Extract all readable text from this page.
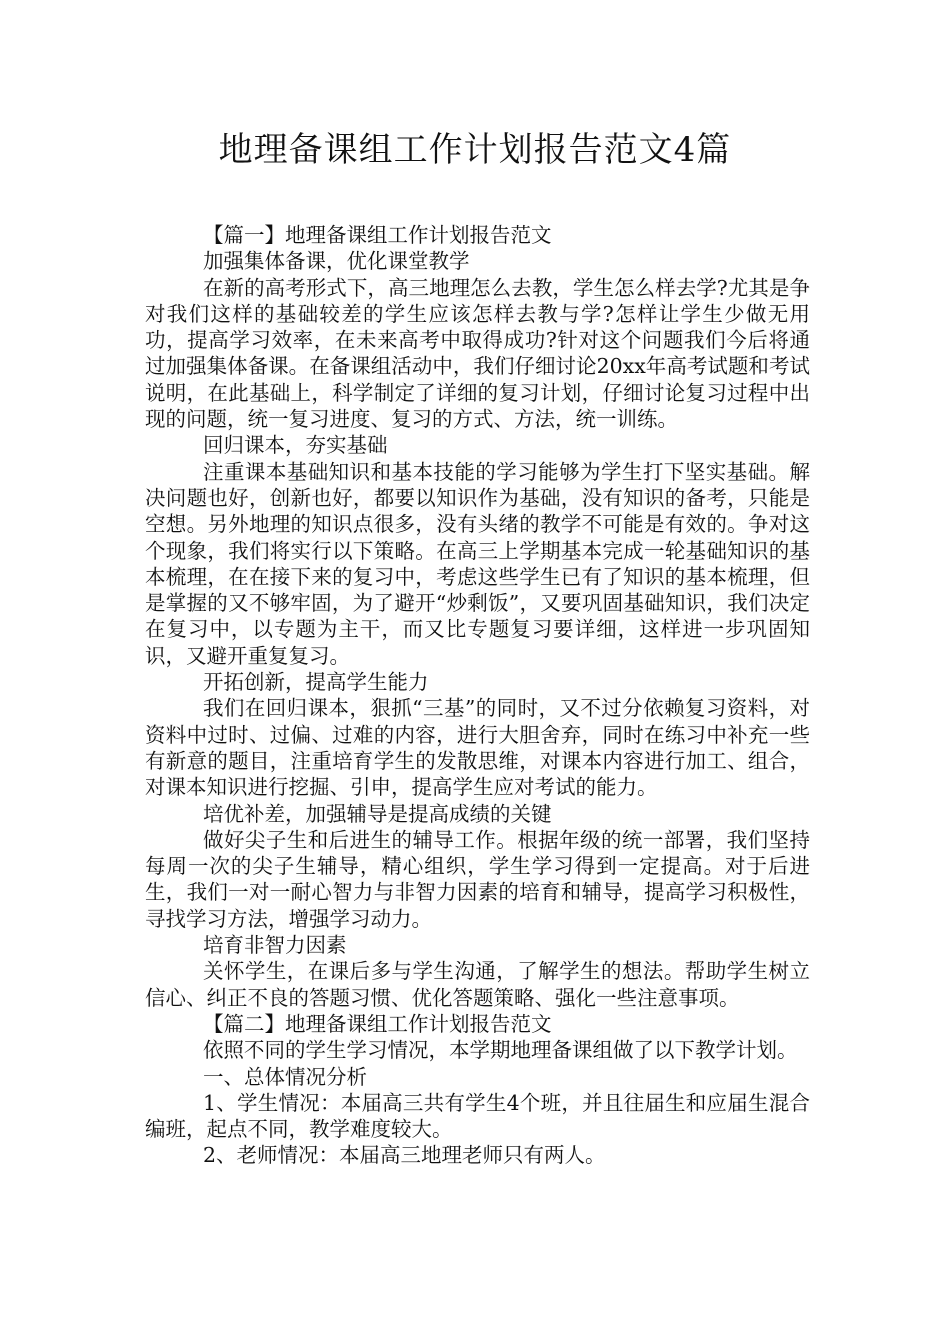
地理备课组工作计划报告范文4篇

【篇一】地理备课组工作计划报告范文

加强集体备课，优化课堂教学

在新的高考形式下，高三地理怎么去教，学生怎么样去学?尤其是争对我们这样的基础较差的学生应该怎样去教与学?怎样让学生少做无用功，提高学习效率，在未来高考中取得成功?针对这个问题我们今后将通过加强集体备课。在备课组活动中，我们仔细讨论20xx年高考试题和考试说明，在此基础上，科学制定了详细的复习计划，仔细讨论复习过程中出现的问题，统一复习进度、复习的方式、方法，统一训练。

回归课本，夯实基础

注重课本基础知识和基本技能的学习能够为学生打下坚实基础。解决问题也好，创新也好，都要以知识作为基础，没有知识的备考，只能是空想。另外地理的知识点很多，没有头绪的教学不可能是有效的。争对这个现象，我们将实行以下策略。在高三上学期基本完成一轮基础知识的基本梳理，在在接下来的复习中，考虑这些学生已有了知识的基本梳理，但是掌握的又不够牢固，为了避开“炒剩饭”，又要巩固基础知识，我们决定在复习中，以专题为主干，而又比专题复习要详细，这样进一步巩固知识，又避开重复复习。

开拓创新，提高学生能力

我们在回归课本，狠抓“三基”的同时，又不过分依赖复习资料，对资料中过时、过偏、过难的内容，进行大胆舍弃，同时在练习中补充一些有新意的题目，注重培育学生的发散思维，对课本内容进行加工、组合，对课本知识进行挖掘、引申，提高学生应对考试的能力。

培优补差，加强辅导是提高成绩的关键

做好尖子生和后进生的辅导工作。根据年级的统一部署，我们坚持每周一次的尖子生辅导，精心组织，学生学习得到一定提高。对于后进生，我们一对一耐心智力与非智力因素的培育和辅导，提高学习积极性，寻找学习方法，增强学习动力。

培育非智力因素

关怀学生，在课后多与学生沟通，了解学生的想法。帮助学生树立信心、纠正不良的答题习惯、优化答题策略、强化一些注意事项。

【篇二】地理备课组工作计划报告范文

依照不同的学生学习情况，本学期地理备课组做了以下教学计划。

一、总体情况分析

1、学生情况：本届高三共有学生4个班，并且往届生和应届生混合编班，起点不同，教学难度较大。

2、老师情况：本届高三地理老师只有两人。
